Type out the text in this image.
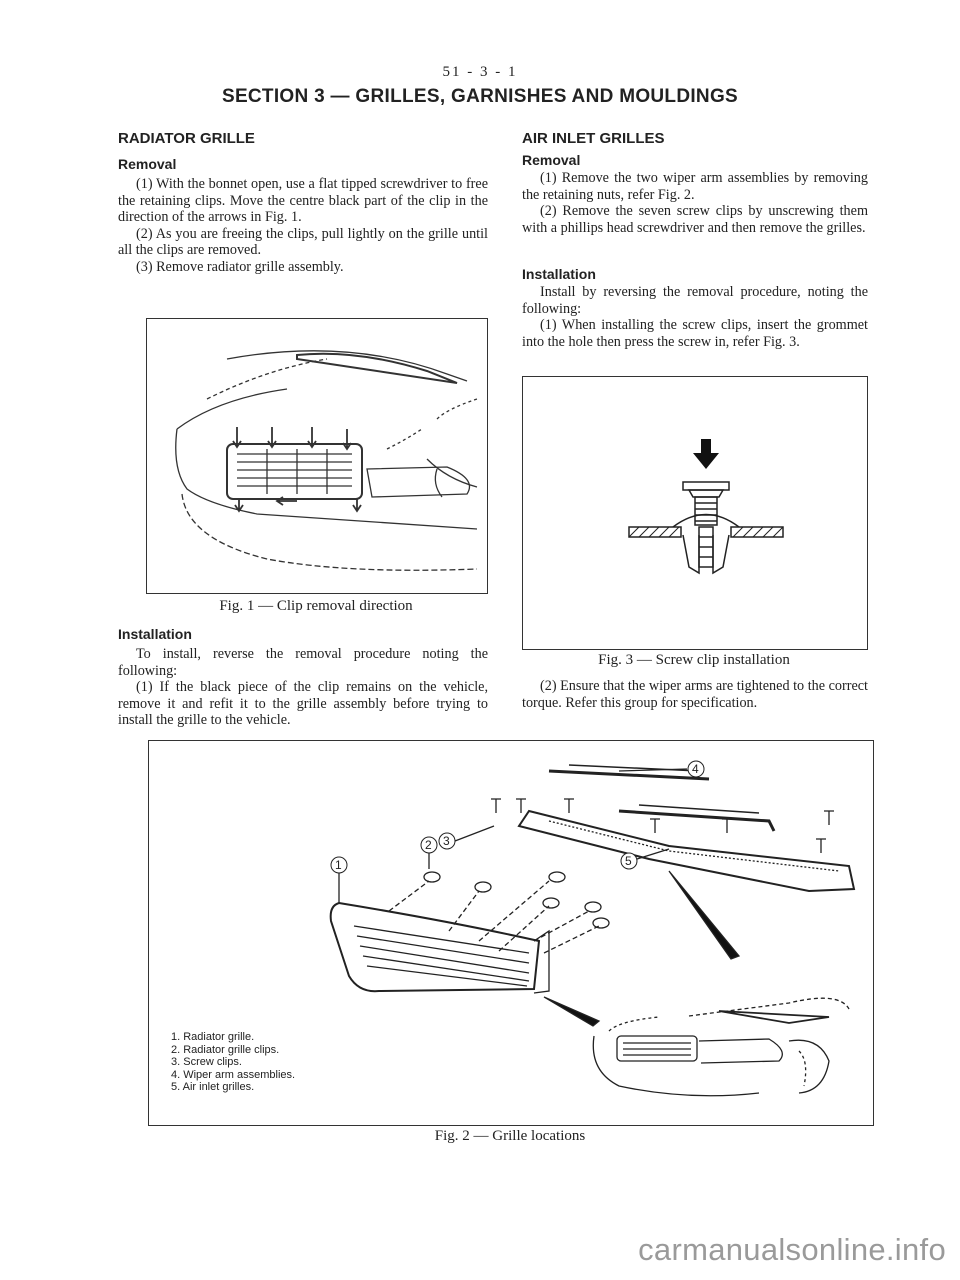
51 - 3 - 1
SECTION 3 — GRILLES, GARNISHES AND MOULDINGS
RADIATOR GRILLE
Removal

(1) With the bonnet open, use a flat tipped screwdriver to free the retaining clips. Move the centre black part of the clip in the direction of the arrows in Fig. 1.

(2) As you are freeing the clips, pull lightly on the grille until all the clips are removed.

(3) Remove radiator grille assembly.

Fig. 1 — Clip removal direction
Installation

To install, reverse the removal procedure noting the following:

(1) If the black piece of the clip remains on the vehicle, remove it and refit it to the grille assembly before trying to install the grille to the vehicle.

AIR INLET GRILLES
Removal

(1) Remove the two wiper arm assemblies by removing the retaining nuts, refer Fig. 2.

(2) Remove the seven screw clips by unscrewing them with a phillips head screwdriver and then remove the grilles.

Installation

Install by reversing the removal procedure, noting the following:

(1) When installing the screw clips, insert the grommet into the hole then press the screw in, refer Fig. 3.

Fig. 3 — Screw clip installation

(2) Ensure that the wiper arms are tightened to the correct torque. Refer this group for specification.

1
2 3
4
5
1. Radiator grille.
2. Radiator grille clips.
3. Screw clips.
4. Wiper arm assemblies.
5. Air inlet grilles.
Fig. 2 — Grille locations
carmanualsonline.info
